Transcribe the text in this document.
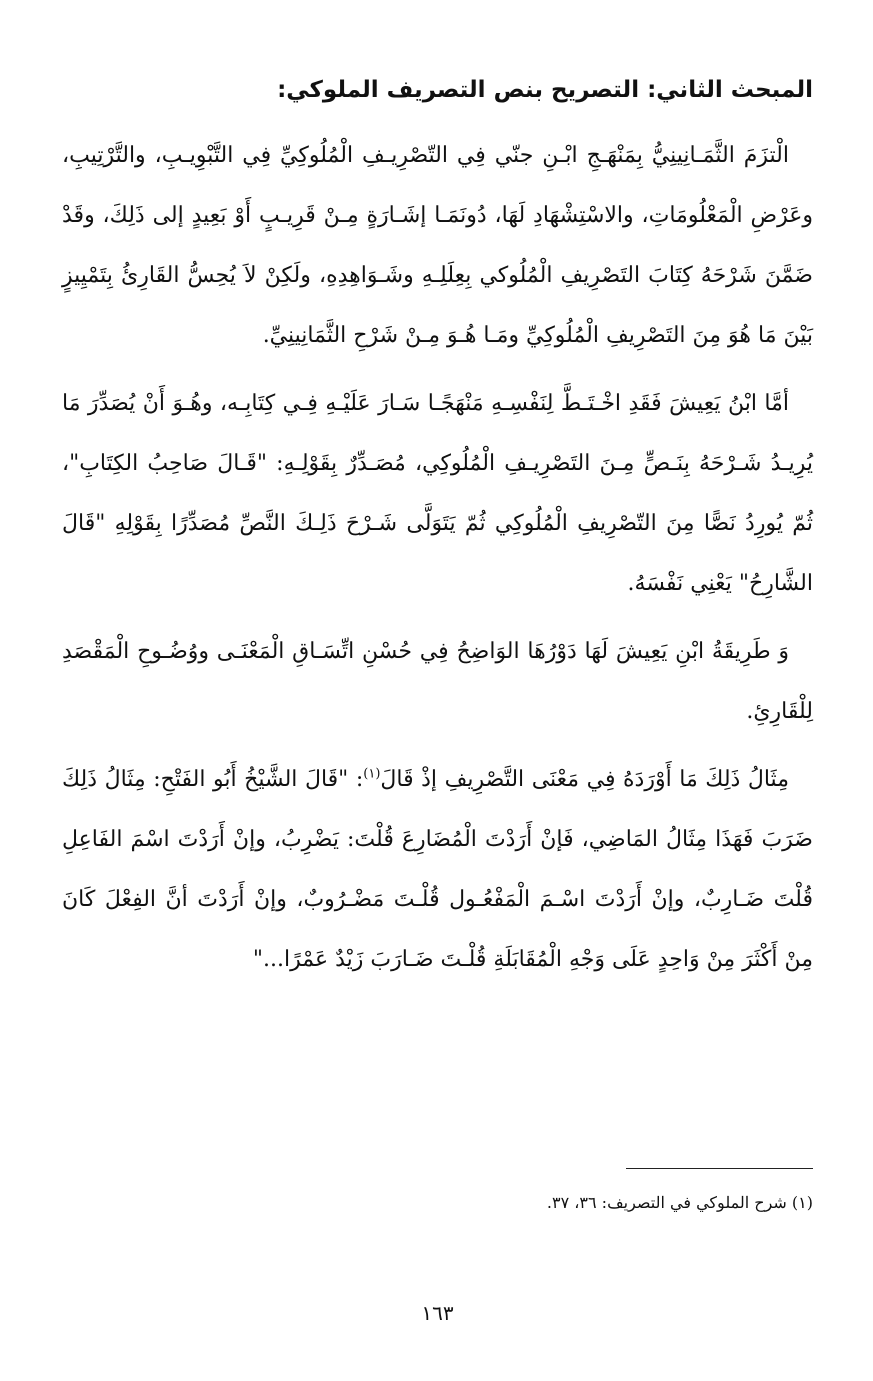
المبحث الثاني: التصريح بنص التصريف الملوكي:

الْتزَمَ الثَّمَـانِينِيُّ بِمَنْهَـجِ ابْـنِ جنّي فِي التّصْرِيـفِ الْمُلُوكِيِّ فِي التَّبْوِيـبِ، والتَّرْتِيبِ، وعَرْضِ الْمَعْلُومَاتِ، والاسْتِشْهَادِ لَهَا، دُونَمَـا إشَـارَةٍ مِـنْ قَرِيـبٍ أَوْ بَعِيدٍ إلى ذَلِكَ، وقَدْ ضَمَّنَ شَرْحَهُ كِتَابَ التَصْرِيفِ الْمُلُوكي بِعِلَلِـهِ وشَـوَاهِدِهِ، ولَكِنْ لاَ يُحِسُّ القَارِئُ بِتَمْيِيزٍ بَيْنَ مَا هُوَ مِنَ التَصْرِيفِ الْمُلُوكِيِّ ومَـا هُـوَ مِـنْ شَرْحِ الثَّمَانِينِيِّ.

أمَّا ابْنُ يَعِيشَ فَقَدِ اخْـتَـطَّ لِنَفْسِـهِ مَنْهَجًـا سَـارَ عَلَيْـهِ فِـي كِتَابِـه، وهُـوَ أَنْ يُصَدِّرَ مَا يُرِيـدُ شَـرْحَهُ بِنَـصٍّ مِـنَ التَصْرِيـفِ الْمُلُوكِي، مُصَـدِّرٌ بِقَوْلِـهِ: "قَـالَ صَاحِبُ الكِتَابِ"، ثُمّ يُورِدُ نَصًّا مِنَ التّصْرِيفِ الْمُلُوكِي ثُمّ يَتَوَلَّى شَـرْحَ ذَلِـكَ النَّصِّ مُصَدِّرًا بِقَوْلِهِ "قَالَ الشَّارِحُ" يَعْنِي نَفْسَهُ.

وَ طَرِيقَةُ ابْنِ يَعِيشَ لَهَا دَوْرُهَا الوَاضِحُ فِي حُسْنِ اتِّسَـاقِ الْمَعْنَـى ووُضُـوحِ الْمَقْصَدِ لِلْقَارِئِ.

مِثَالُ ذَلِكَ مَا أَوْرَدَهُ فِي مَعْنَى التَّصْرِيفِ إذْ قَالَ$^{(١)}$: "قَالَ الشَّيْخُ أَبُو الفَتْحِ: مِثَالُ ذَلِكَ ضَرَبَ فَهَذَا مِثَالُ المَاضِي، فَإنْ أَرَدْتَ الْمُضَارِعَ قُلْتَ: يَضْرِبُ، وإنْ أَرَدْتَ اسْمَ الفَاعِلِ قُلْتَ ضَـارِبٌ، وإنْ أَرَدْتَ اسْـمَ الْمَفْعُـول قُلْـتَ مَضْـرُوبٌ، وإنْ أَرَدْتَ أنَّ الفِعْلَ كَانَ مِنْ أَكْثَرَ مِنْ وَاحِدٍ عَلَى وَجْهِ الْمُقَابَلَةِ قُلْـتَ ضَـارَبَ زَيْدٌ عَمْرًا..."

(١) شرح الملوكي في التصريف: ٣٦، ٣٧.
١٦٣
